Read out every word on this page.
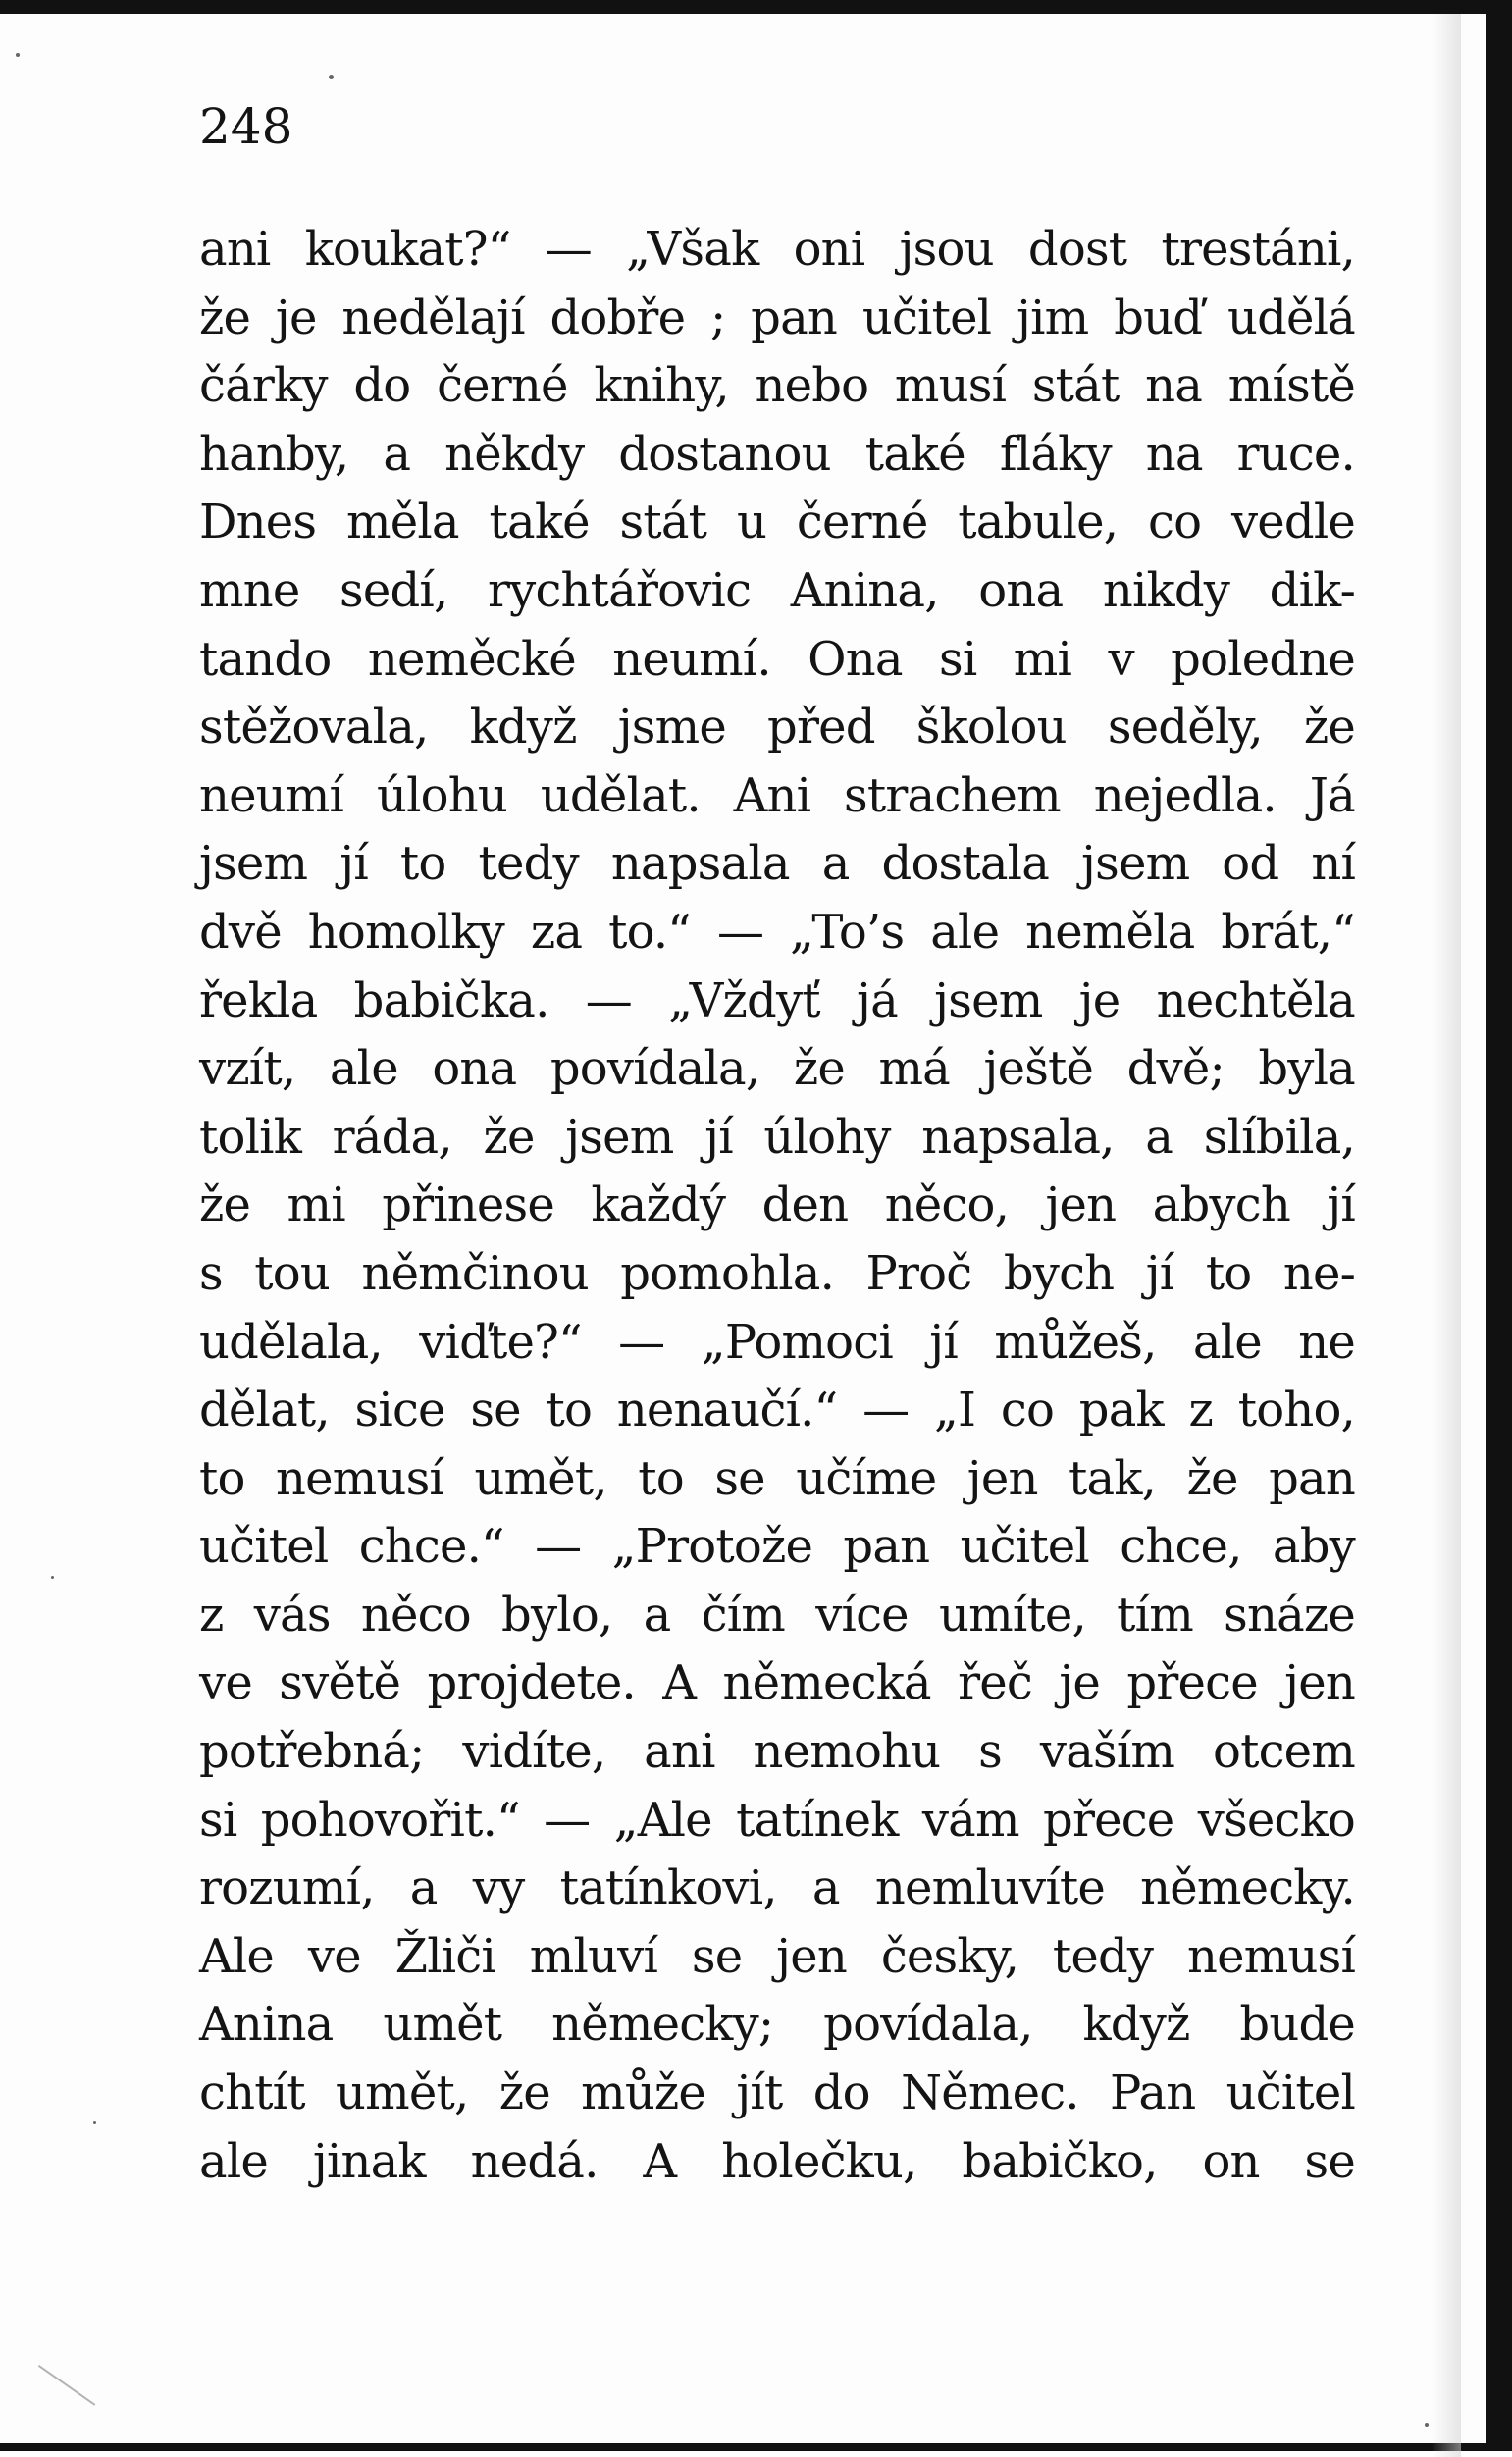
248
ani koukat?“ — „Však oni jsou dost trestáni,
že je nedělají dobře ; pan učitel jim buď udělá
čárky do černé knihy, nebo musí stát na místě
hanby, a někdy dostanou také fláky na ruce.
Dnes měla také stát u černé tabule, co vedle
mne sedí, rychtářovic Anina, ona nikdy dik-
tando neměcké neumí. Ona si mi v poledne
stěžovala, když jsme před školou seděly, že
neumí úlohu udělat. Ani strachem nejedla. Já
jsem jí to tedy napsala a dostala jsem od ní
dvě homolky za to.“ — „To’s ale neměla brát,“
řekla babička. — „Vždyť já jsem je nechtěla
vzít, ale ona povídala, že má ještě dvě; byla
tolik ráda, že jsem jí úlohy napsala, a slíbila,
že mi přinese každý den něco, jen abych jí
s tou němčinou pomohla. Proč bych jí to ne-
udělala, viďte?“ — „Pomoci jí můžeš, ale ne
dělat, sice se to nenaučí.“ — „I co pak z toho,
to nemusí umět, to se učíme jen tak, že pan
učitel chce.“ — „Protože pan učitel chce, aby
z vás něco bylo, a čím více umíte, tím snáze
ve světě projdete. A německá řeč je přece jen
potřebná; vidíte, ani nemohu s vaším otcem
si pohovořit.“ — „Ale tatínek vám přece všecko
rozumí, a vy tatínkovi, a nemluvíte německy.
Ale ve Žliči mluví se jen česky, tedy nemusí
Anina umět německy; povídala, když bude
chtít umět, že může jít do Němec. Pan učitel
ale jinak nedá. A holečku, babičko, on se
